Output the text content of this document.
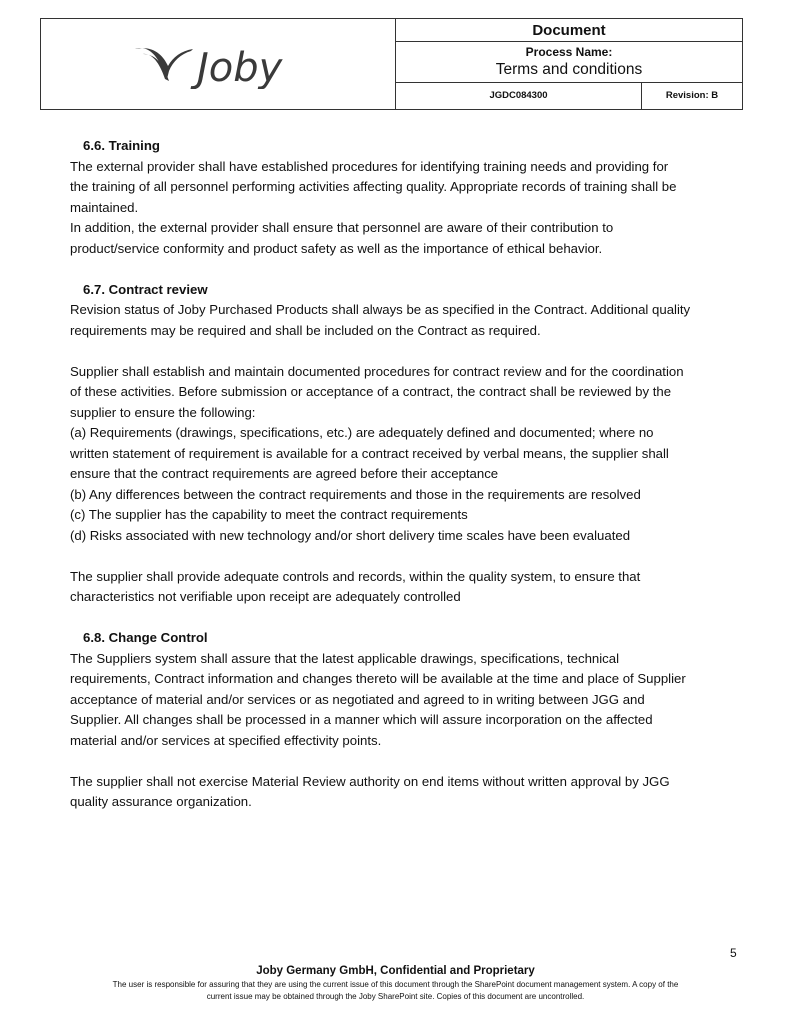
Joby
Document
Process Name:
Terms and conditions
JGDC084300	Revision: B

6.6. Training

The external provider shall have established procedures for identifying training needs and providing for

the training of all personnel performing activities affecting quality. Appropriate records of training shall be

maintained.

In addition, the external provider shall ensure that personnel are aware of their contribution to

product/service conformity and product safety as well as the importance of ethical behavior.

6.7. Contract review

Revision status of Joby Purchased Products shall always be as specified in the Contract. Additional quality

requirements may be required and shall be included on the Contract as required.

Supplier shall establish and maintain documented procedures for contract review and for the coordination

of these activities. Before submission or acceptance of a contract, the contract shall be reviewed by the

supplier to ensure the following:

(a) Requirements (drawings, specifications, etc.) are adequately defined and documented; where no

written statement of requirement is available for a contract received by verbal means, the supplier shall

ensure that the contract requirements are agreed before their acceptance

(b) Any differences between the contract requirements and those in the requirements are resolved

(c) The supplier has the capability to meet the contract requirements

(d) Risks associated with new technology and/or short delivery time scales have been evaluated

The supplier shall provide adequate controls and records, within the quality system, to ensure that

characteristics not verifiable upon receipt are adequately controlled

6.8. Change Control

The Suppliers system shall assure that the latest applicable drawings, specifications, technical

requirements, Contract information and changes thereto will be available at the time and place of Supplier

acceptance of material and/or services or as negotiated and agreed to in writing between JGG and

Supplier. All changes shall be processed in a manner which will assure incorporation on the affected

material and/or services at specified effectivity points.

The supplier shall not exercise Material Review authority on end items without written approval by JGG

quality assurance organization.

5
Joby Germany GmbH, Confidential and Proprietary
The user is responsible for assuring that they are using the current issue of this document through the SharePoint document management system. A copy of the
current issue may be obtained through the Joby SharePoint site. Copies of this document are uncontrolled.
